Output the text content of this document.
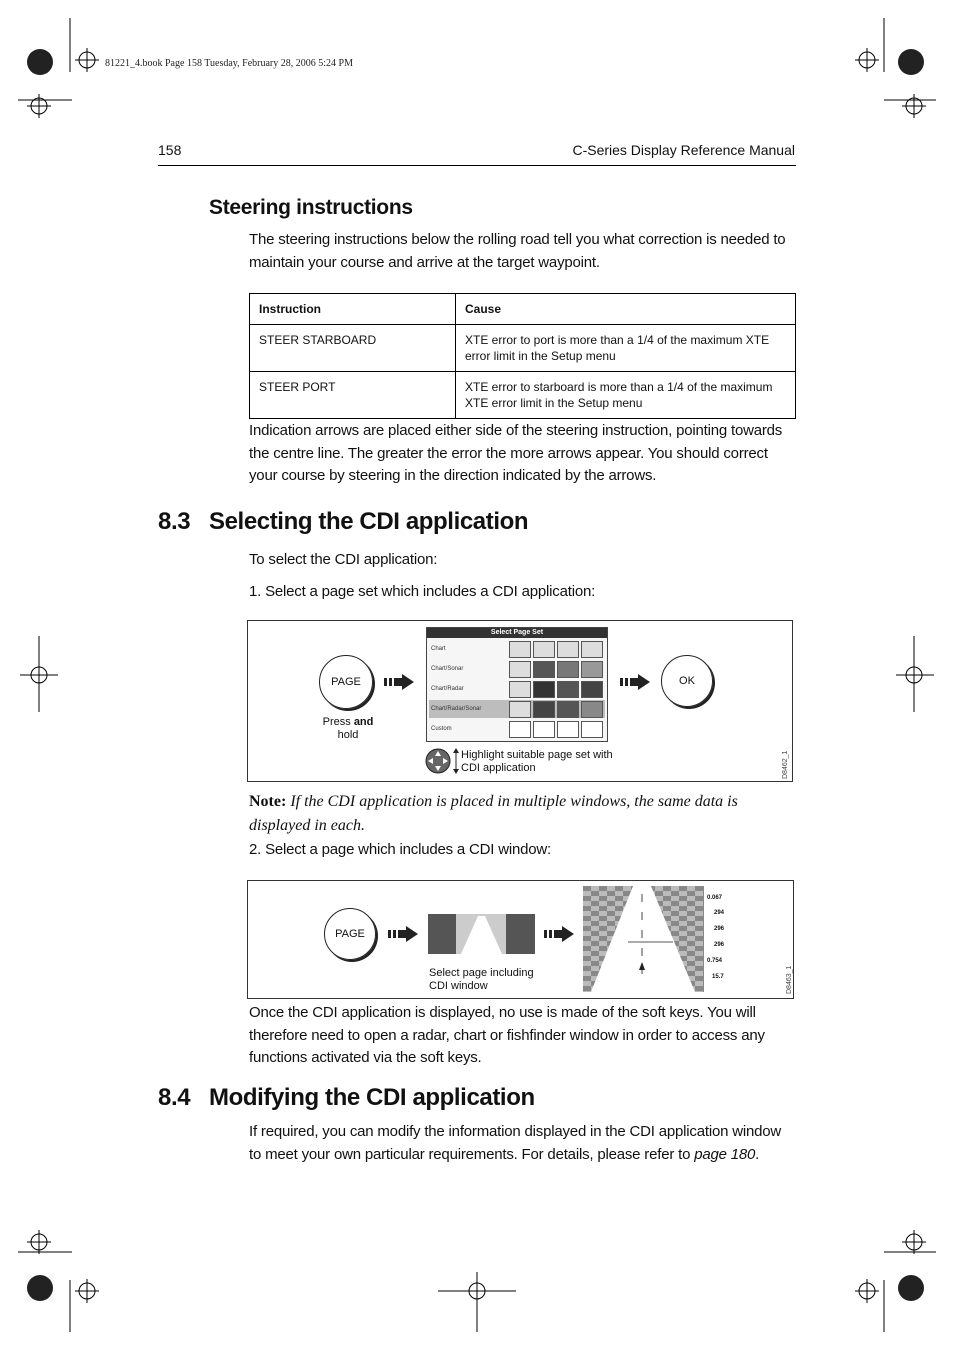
81221_4.book Page 158 Tuesday, February 28, 2006 5:24 PM
158	C-Series Display Reference Manual
Steering instructions

The steering instructions below the rolling road tell you what correction is needed to maintain your course and arrive at the target waypoint.

Instruction	Cause
STEER STARBOARD	XTE error to port is more than a 1/4 of the maximum XTE error limit in the Setup menu
STEER PORT	XTE error to starboard is more than a 1/4 of the maximum XTE error limit in the Setup menu

Indication arrows are placed either side of the steering instruction, pointing towards the centre line. The greater the error the more arrows appear. You should correct your course by steering in the direction indicated by the arrows.

8.3 Selecting the CDI application

To select the CDI application:

1. Select a page set which includes a CDI application:

PAGE
Press and
hold
Select Page Set
Chart
Chart/Sonar
Chart/Radar
Chart/Radar/Sonar
Custom
OK
Highlight suitable page set with
CDI application	D8462_1
Note: If the CDI application is placed in multiple windows, the same data is displayed in each.

2. Select a page which includes a CDI window:

PAGE
Select page including
CDI window
0.067
294
296
296
0.754
15.7	D8463_1

Once the CDI application is displayed, no use is made of the soft keys. You will therefore need to open a radar, chart or fishfinder window in order to access any functions activated via the soft keys.

8.4 Modifying the CDI application

If required, you can modify the information displayed in the CDI application window to meet your own particular requirements. For details, please refer to page 180.
